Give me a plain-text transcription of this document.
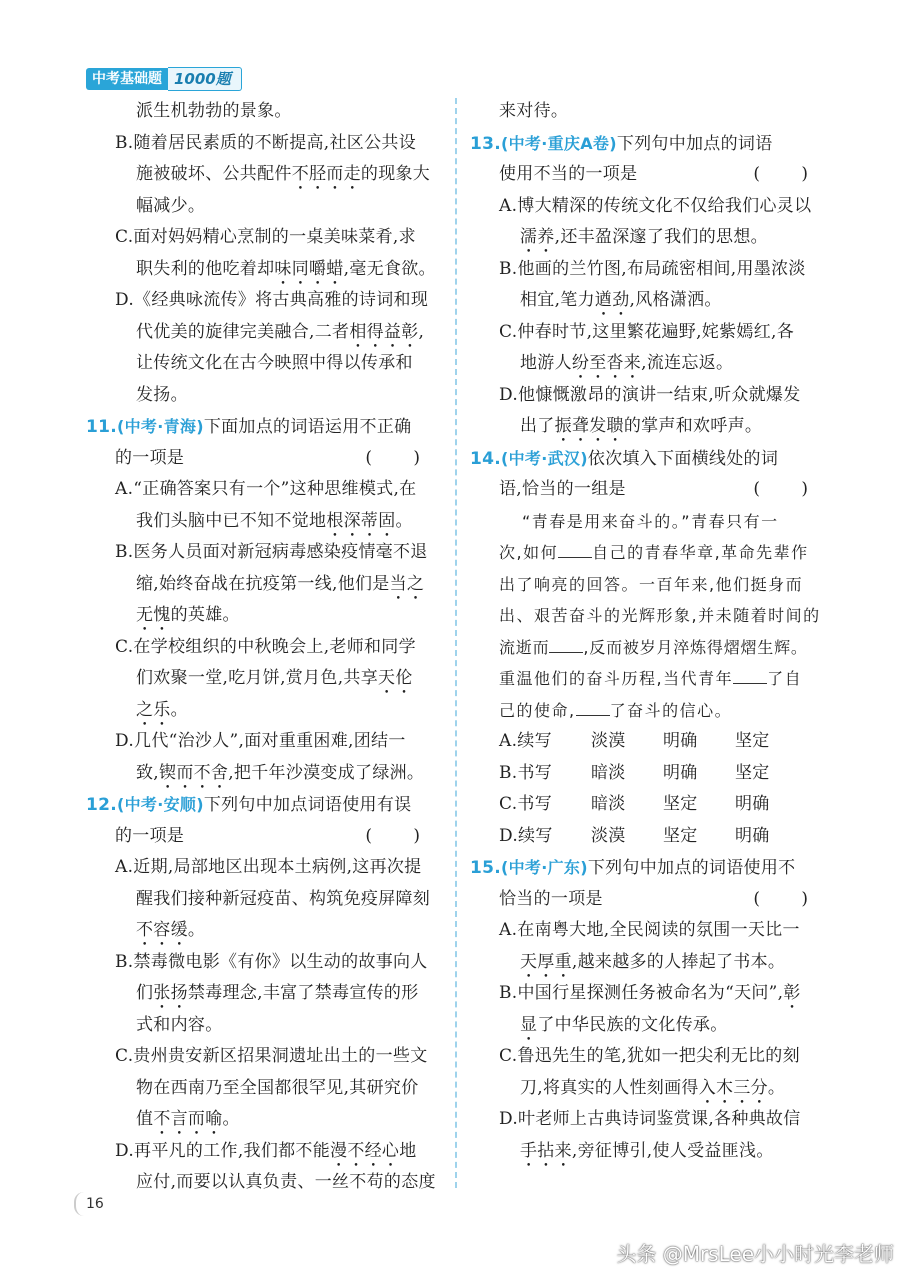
中考基础题 1000题
派生机勃勃的景象。
B.随着居民素质的不断提高,社区公共设
施被破坏、公共配件不胫而走的现象大
幅减少。
C.面对妈妈精心烹制的一桌美味菜肴,求
职失利的他吃着却味同嚼蜡,毫无食欲。
D.《经典咏流传》将古典高雅的诗词和现
代优美的旋律完美融合,二者相得益彰,
让传统文化在古今映照中得以传承和
发扬。
11.(中考·青海)下面加点的词语运用不正确
的一项是	( )
A.“正确答案只有一个”这种思维模式,在
我们头脑中已不知不觉地根深蒂固。
B.医务人员面对新冠病毒感染疫情毫不退
缩,始终奋战在抗疫第一线,他们是当之
无愧的英雄。
C.在学校组织的中秋晚会上,老师和同学
们欢聚一堂,吃月饼,赏月色,共享天伦
之乐。
D.几代“治沙人”,面对重重困难,团结一
致,锲而不舍,把千年沙漠变成了绿洲。
12.(中考·安顺)下列句中加点词语使用有误
的一项是	( )
A.近期,局部地区出现本土病例,这再次提
醒我们接种新冠疫苗、构筑免疫屏障刻
不容缓。
B.禁毒微电影《有你》以生动的故事向人
们张扬禁毒理念,丰富了禁毒宣传的形
式和内容。
C.贵州贵安新区招果洞遗址出土的一些文
物在西南乃至全国都很罕见,其研究价
值不言而喻。
D.再平凡的工作,我们都不能漫不经心地
应付,而要以认真负责、一丝不苟的态度
来对待。
13.(中考·重庆A卷)下列句中加点的词语
使用不当的一项是	( )
A.博大精深的传统文化不仅给我们心灵以
濡养,还丰盈深邃了我们的思想。
B.他画的兰竹图,布局疏密相间,用墨浓淡
相宜,笔力遒劲,风格潇洒。
C.仲春时节,这里繁花遍野,姹紫嫣红,各
地游人纷至沓来,流连忘返。
D.他慷慨激昂的演讲一结束,听众就爆发
出了振聋发聩的掌声和欢呼声。
14.(中考·武汉)依次填入下面横线处的词
语,恰当的一组是	( )
“青春是用来奋斗的。”青春只有一
次,如何 自己的青春华章,革命先辈作
出了响亮的回答。一百年来,他们挺身而
出、艰苦奋斗的光辉形象,并未随着时间的
流逝而 ,反而被岁月淬炼得熠熠生辉。
重温他们的奋斗历程,当代青年 了自
己的使命, 了奋斗的信心。
A.续写	淡漠	明确	坚定
B.书写	暗淡	明确	坚定
C.书写	暗淡	坚定	明确
D.续写	淡漠	坚定	明确
15.(中考·广东)下列句中加点的词语使用不
恰当的一项是	( )
A.在南粤大地,全民阅读的氛围一天比一
天厚重,越来越多的人捧起了书本。
B.中国行星探测任务被命名为“天问”,彰
显了中华民族的文化传承。
C.鲁迅先生的笔,犹如一把尖利无比的刻
刀,将真实的人性刻画得入木三分。
D.叶老师上古典诗词鉴赏课,各种典故信
手拈来,旁征博引,使人受益匪浅。
16
头条 @MrsLee小小时光李老师
